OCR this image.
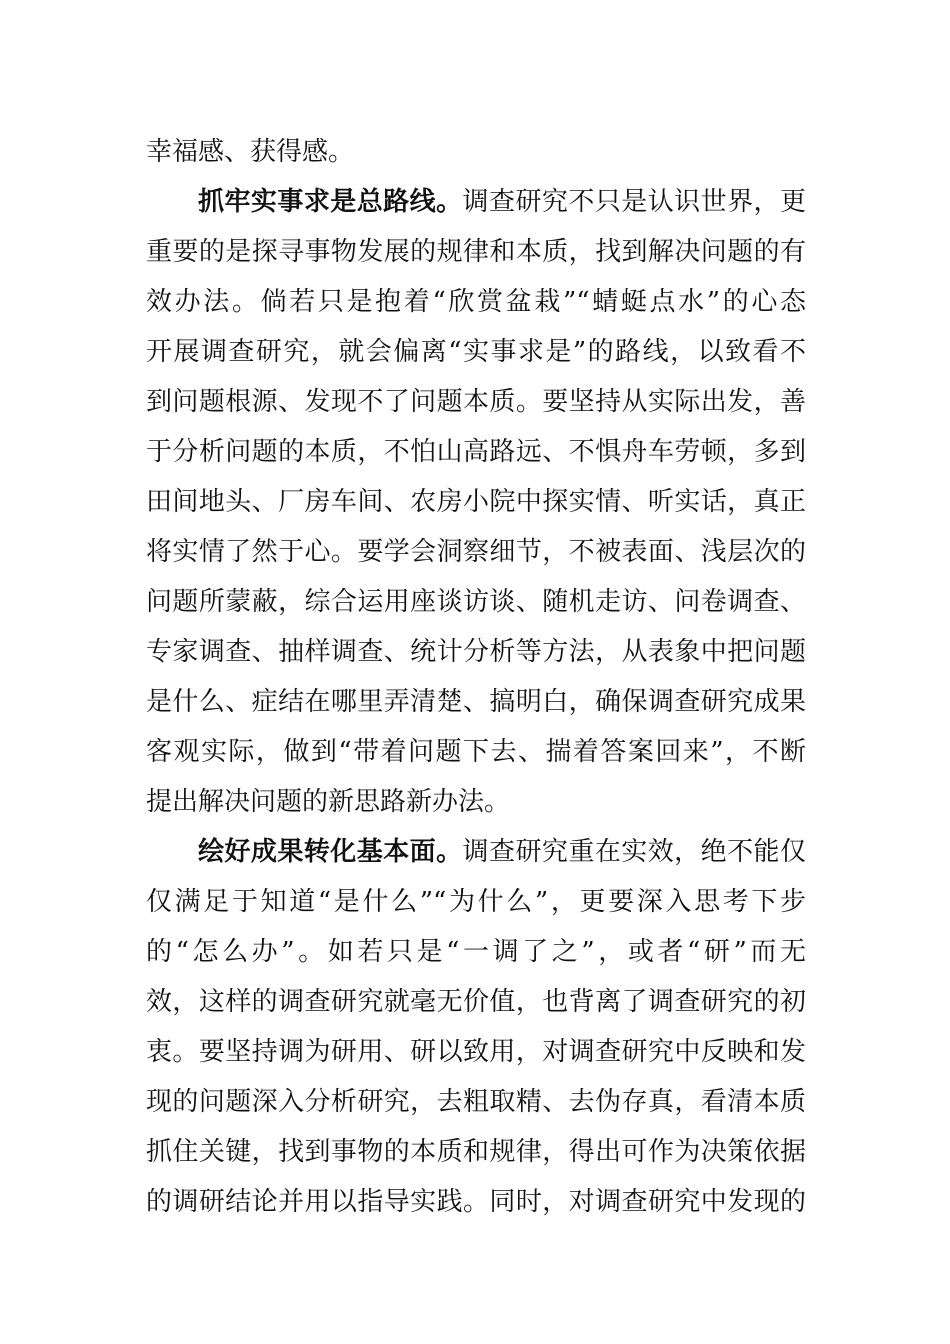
幸福感、获得感。
抓牢实事求是总路线。调查研究不只是认识世界，更
重要的是探寻事物发展的规律和本质，找到解决问题的有
效办法。倘若只是抱着“欣赏盆栽”“蜻蜓点水”的心态
开展调查研究，就会偏离“实事求是”的路线，以致看不
到问题根源、发现不了问题本质。要坚持从实际出发，善
于分析问题的本质，不怕山高路远、不惧舟车劳顿，多到
田间地头、厂房车间、农房小院中探实情、听实话，真正
将实情了然于心。要学会洞察细节，不被表面、浅层次的
问题所蒙蔽，综合运用座谈访谈、随机走访、问卷调查、
专家调查、抽样调查、统计分析等方法，从表象中把问题
是什么、症结在哪里弄清楚、搞明白，确保调查研究成果
客观实际，做到“带着问题下去、揣着答案回来”，不断
提出解决问题的新思路新办法。
绘好成果转化基本面。调查研究重在实效，绝不能仅
仅满足于知道“是什么”“为什么”，更要深入思考下步
的“怎么办”。如若只是“一调了之”，或者“研”而无
效，这样的调查研究就毫无价值，也背离了调查研究的初
衷。要坚持调为研用、研以致用，对调查研究中反映和发
现的问题深入分析研究，去粗取精、去伪存真，看清本质
抓住关键，找到事物的本质和规律，得出可作为决策依据
的调研结论并用以指导实践。同时，对调查研究中发现的
